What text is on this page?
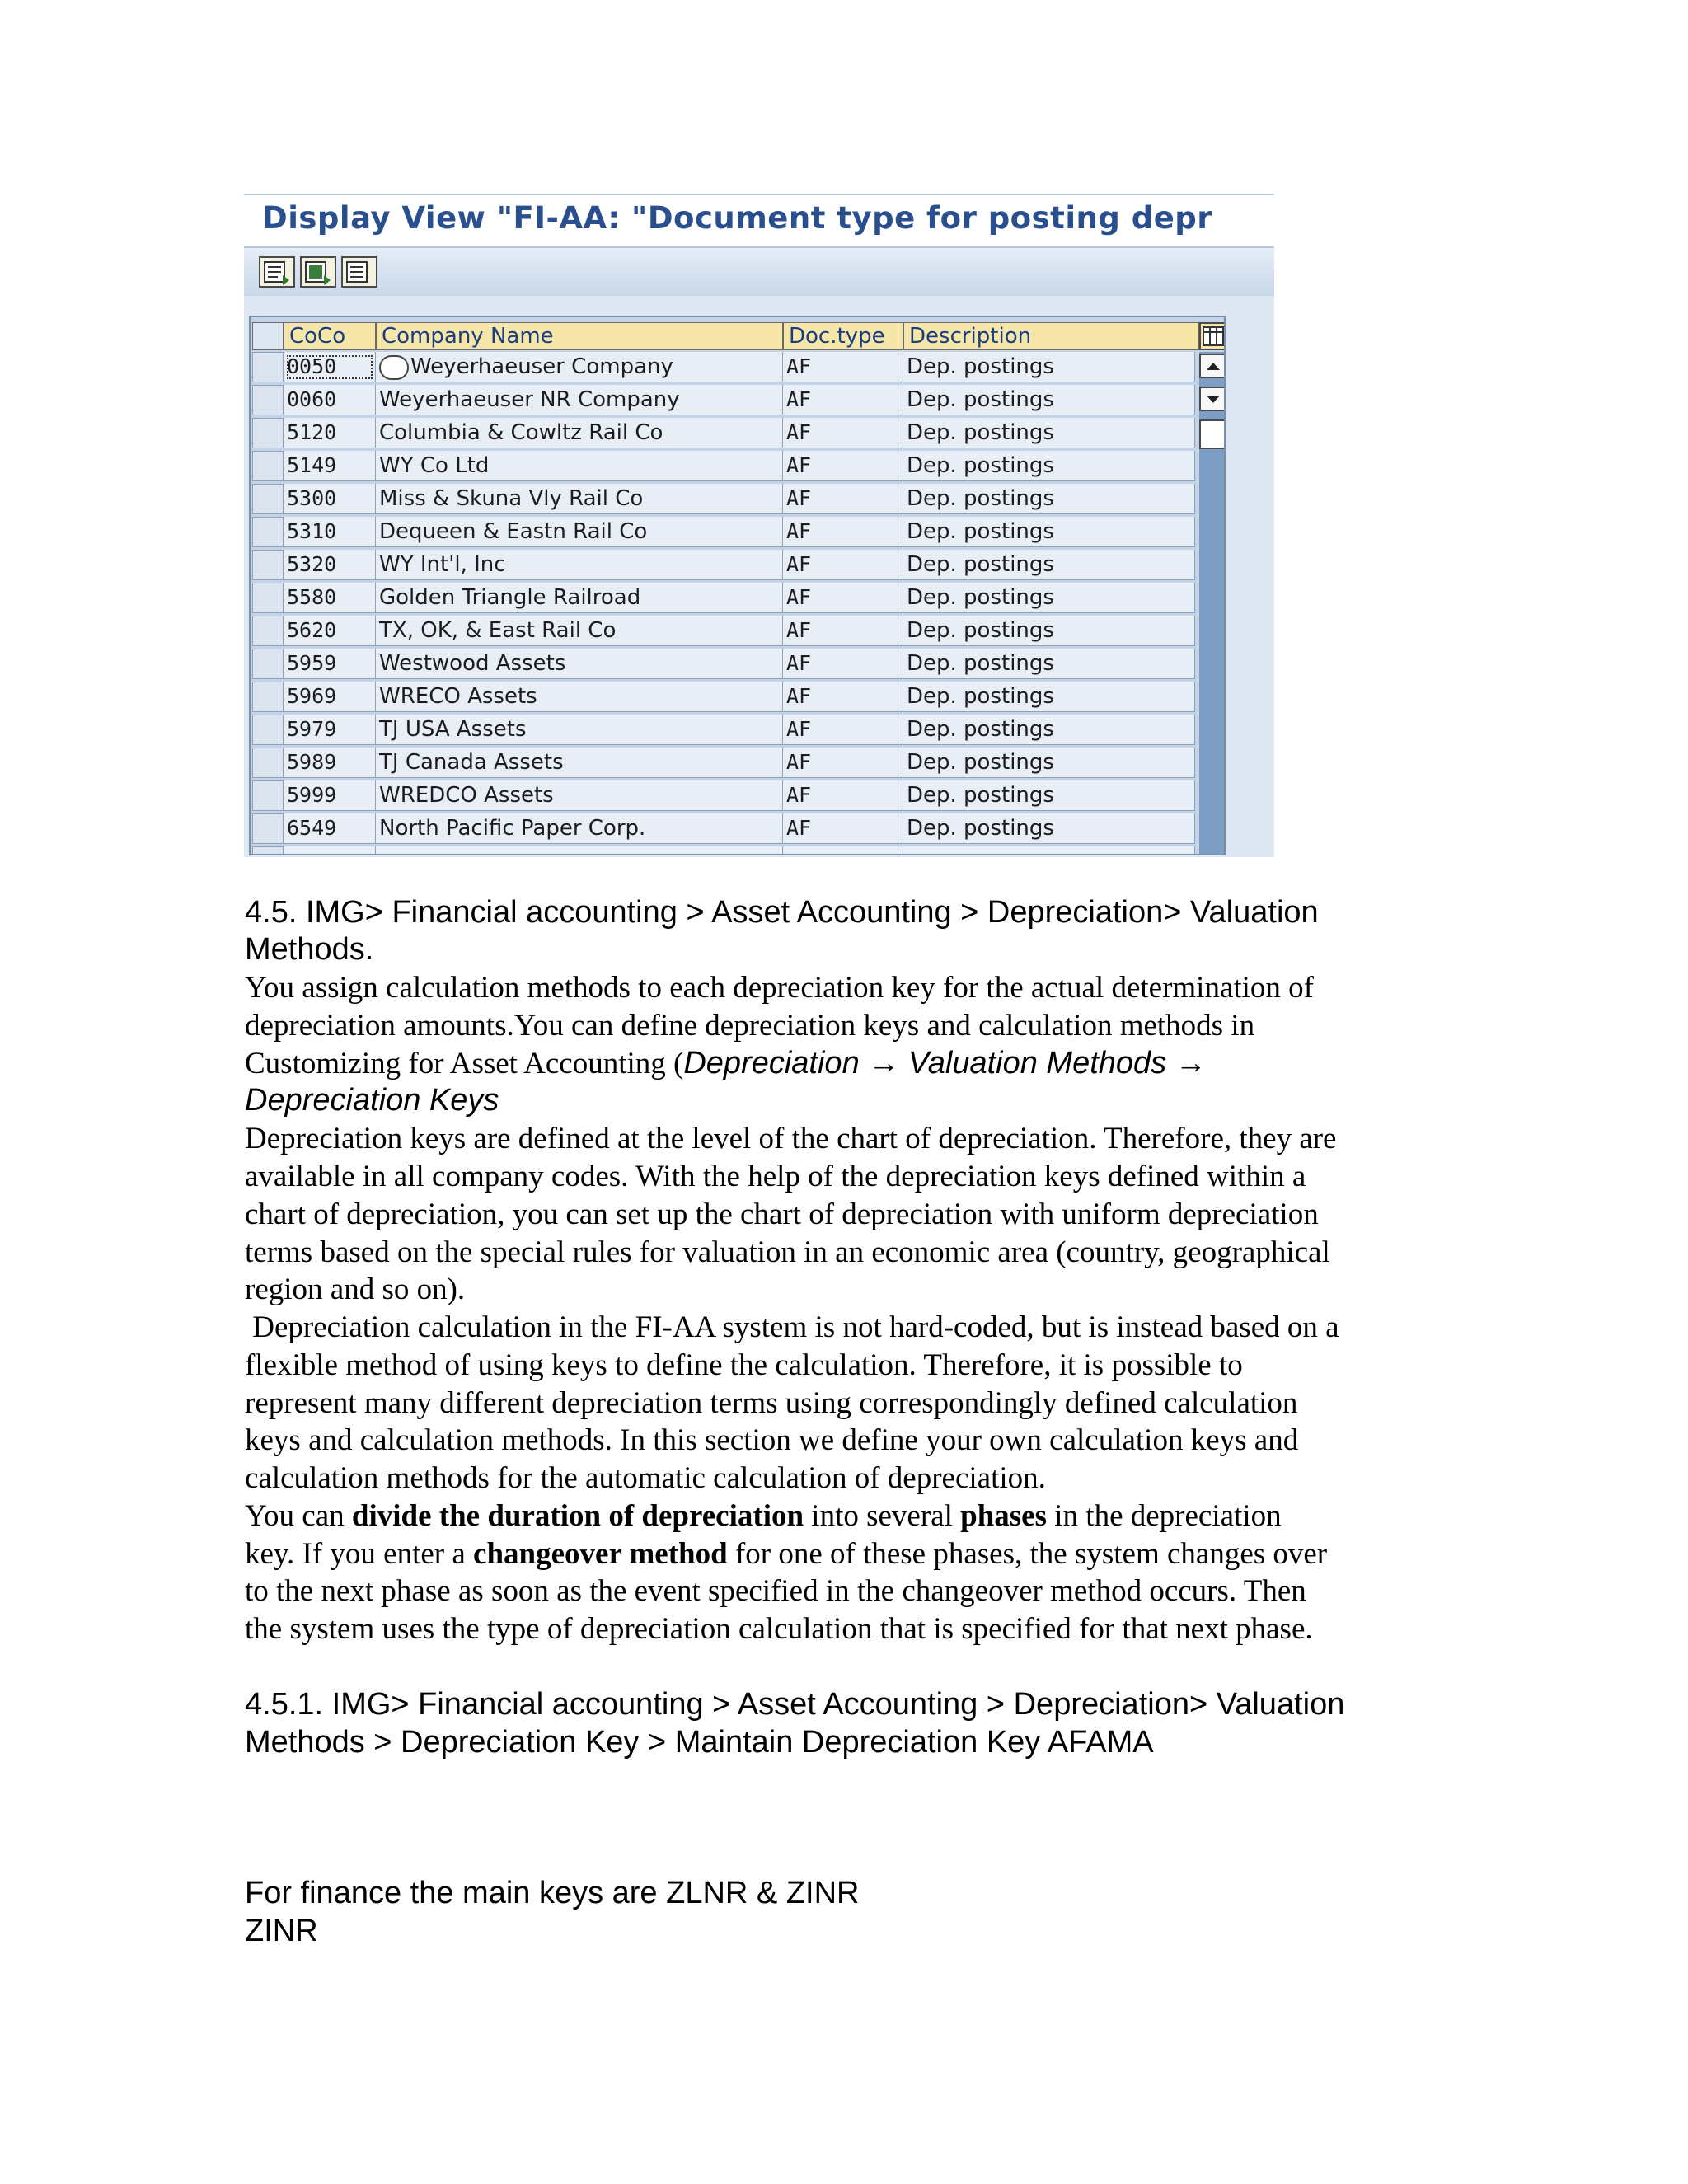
Display View "FI-AA: "Document type for posting depr
CoCo	Company Name	Doc.type	Description
0050	Weyerhaeuser Company	AF	Dep. postings
0060	Weyerhaeuser NR Company	AF	Dep. postings
5120	Columbia & Cowltz Rail Co	AF	Dep. postings
5149	WY Co Ltd	AF	Dep. postings
5300	Miss & Skuna Vly Rail Co	AF	Dep. postings
5310	Dequeen & Eastn Rail Co	AF	Dep. postings
5320	WY Int'l, Inc	AF	Dep. postings
5580	Golden Triangle Railroad	AF	Dep. postings
5620	TX, OK, & East Rail Co	AF	Dep. postings
5959	Westwood Assets	AF	Dep. postings
5969	WRECO Assets	AF	Dep. postings
5979	TJ USA Assets	AF	Dep. postings
5989	TJ Canada Assets	AF	Dep. postings
5999	WREDCO Assets	AF	Dep. postings
6549	North Pacific Paper Corp.	AF	Dep. postings
4.5. IMG> Financial accounting > Asset Accounting > Depreciation> Valuation
Methods.
You assign calculation methods to each depreciation key for the actual determination of
depreciation amounts.You can define depreciation keys and calculation methods in
Customizing for Asset Accounting (Depreciation → Valuation Methods →
Depreciation Keys
Depreciation keys are defined at the level of the chart of depreciation. Therefore, they are
available in all company codes. With the help of the depreciation keys defined within a
chart of depreciation, you can set up the chart of depreciation with uniform depreciation
terms based on the special rules for valuation in an economic area (country, geographical
region and so on).
Depreciation calculation in the FI-AA system is not hard-coded, but is instead based on a
flexible method of using keys to define the calculation. Therefore, it is possible to
represent many different depreciation terms using correspondingly defined calculation
keys and calculation methods. In this section we define your own calculation keys and
calculation methods for the automatic calculation of depreciation.
You can divide the duration of depreciation into several phases in the depreciation
key. If you enter a changeover method for one of these phases, the system changes over
to the next phase as soon as the event specified in the changeover method occurs. Then
the system uses the type of depreciation calculation that is specified for that next phase.
4.5.1. IMG> Financial accounting > Asset Accounting > Depreciation> Valuation
Methods > Depreciation Key > Maintain Depreciation Key AFAMA
For finance the main keys are ZLNR & ZINR
ZINR
